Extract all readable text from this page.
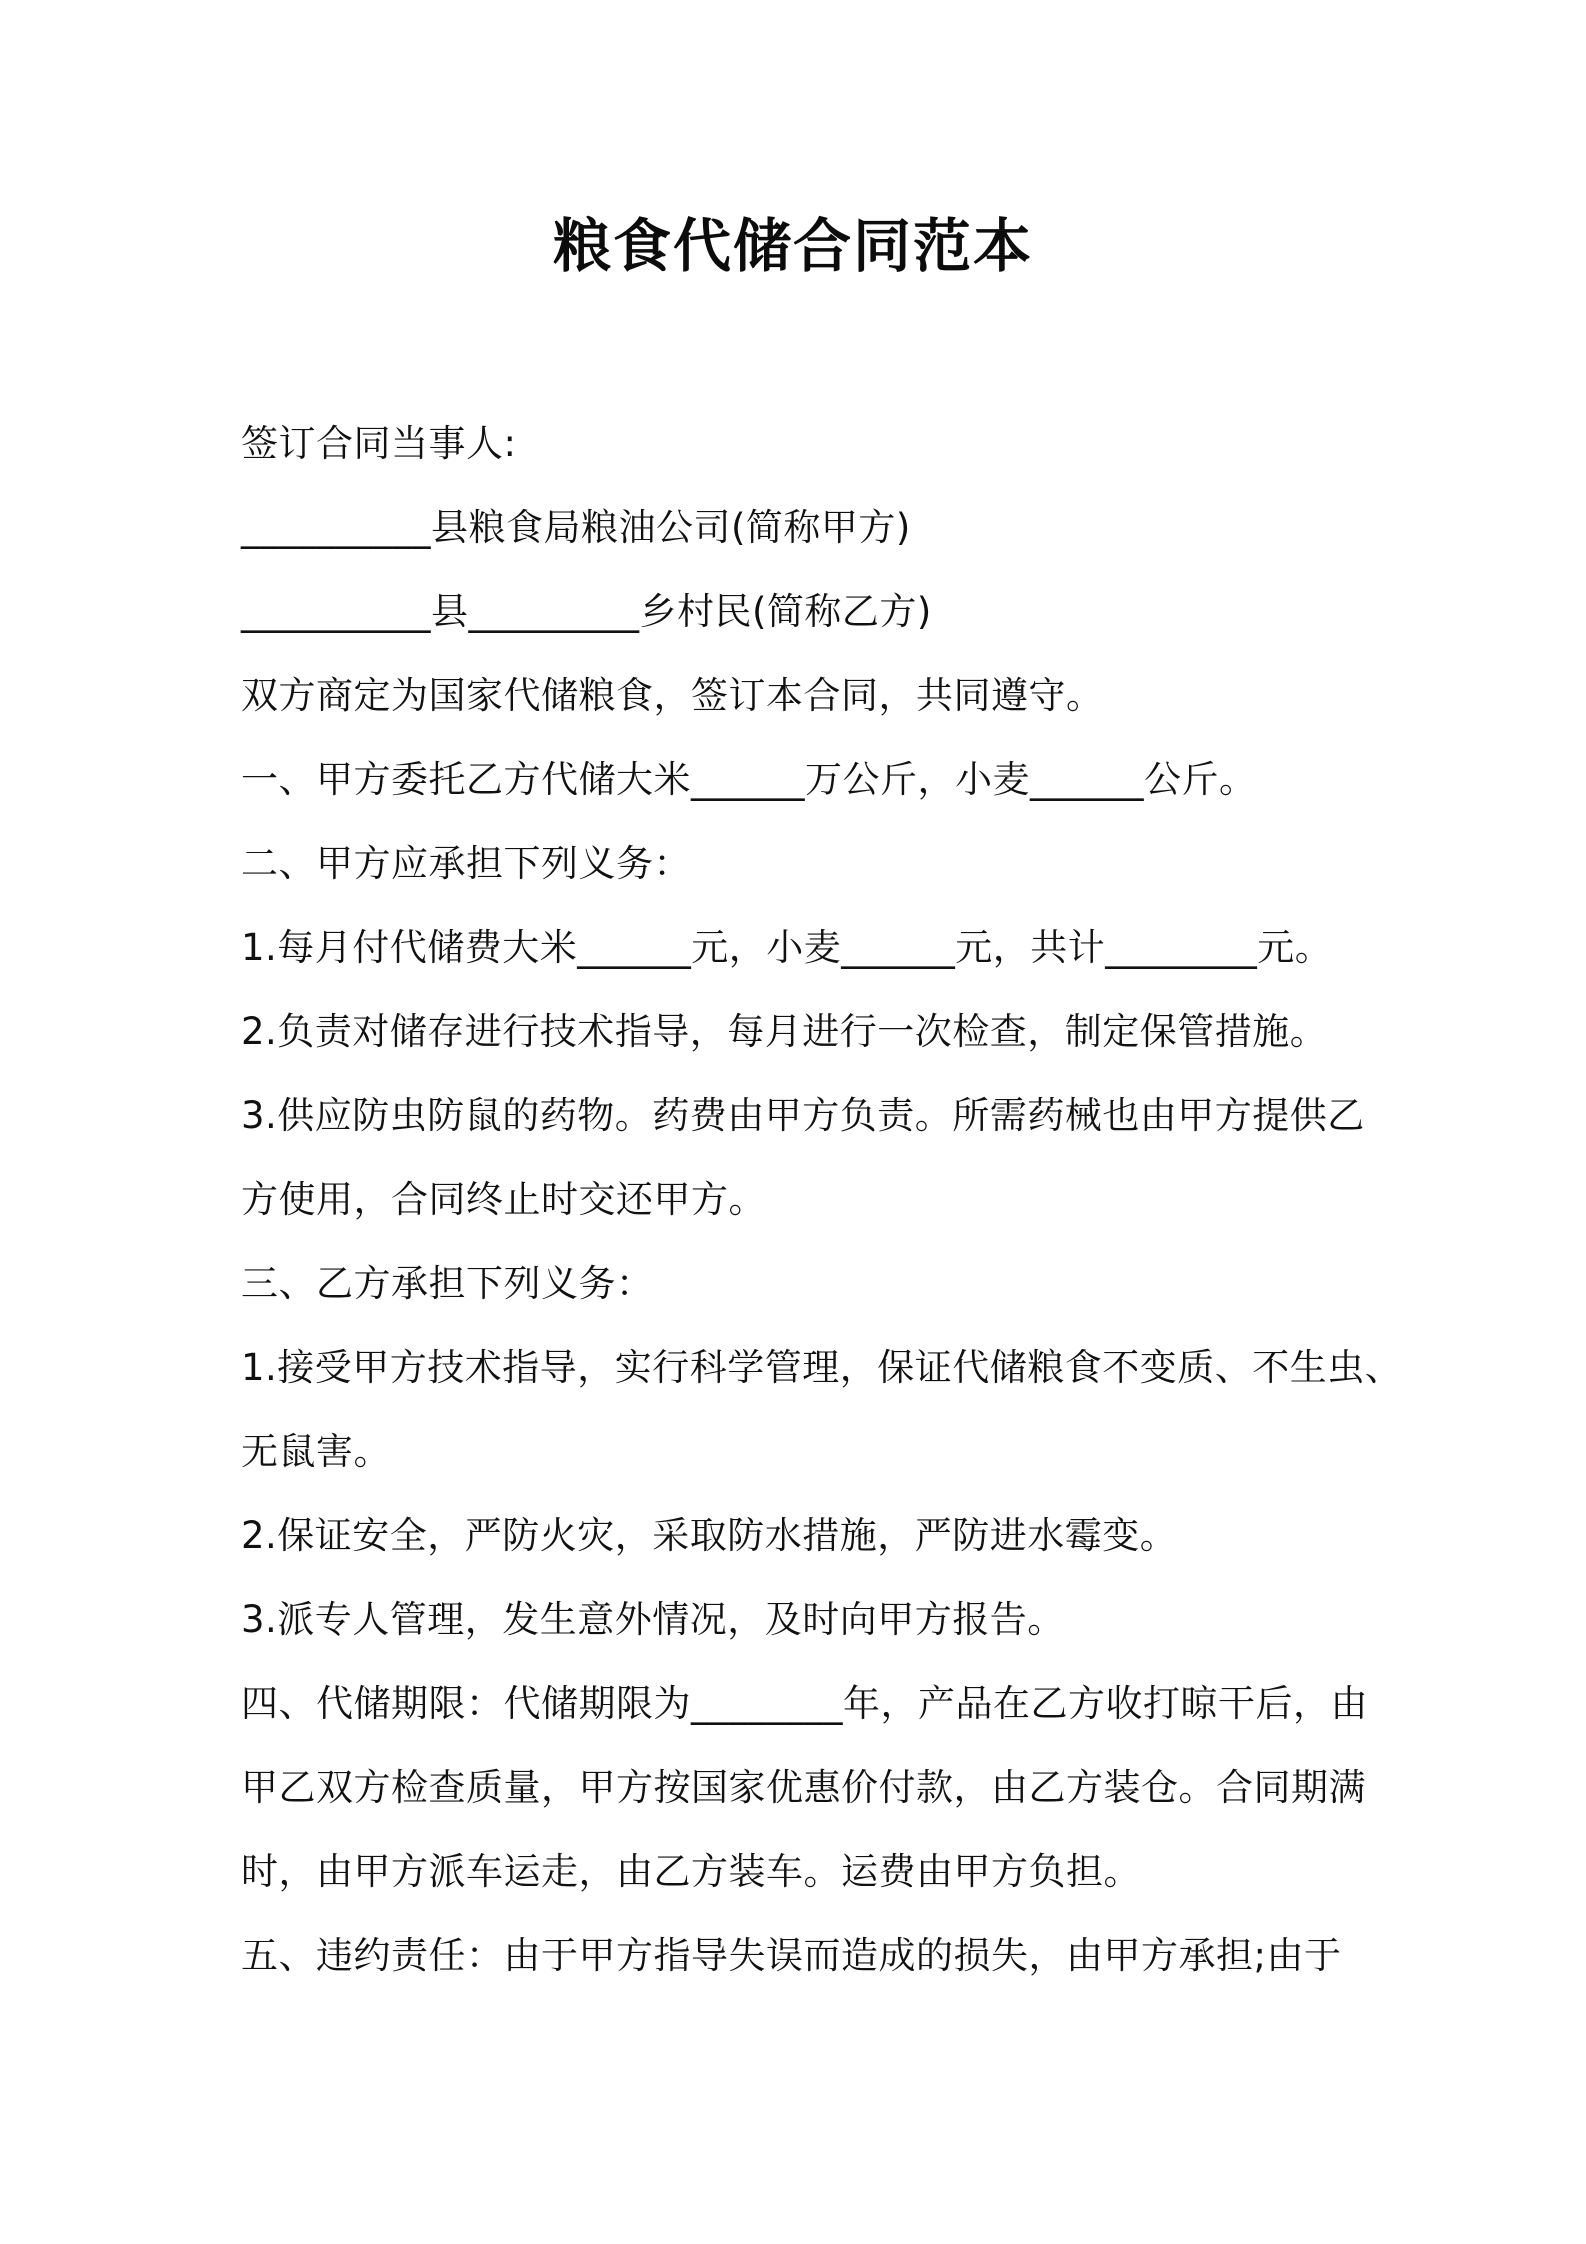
粮食代储合同范本
签订合同当事人:
__________县粮食局粮油公司(简称甲方)
__________县_________乡村民(简称乙方)
双方商定为国家代储粮食，签订本合同，共同遵守。
一、甲方委托乙方代储大米______万公斤，小麦______公斤。
二、甲方应承担下列义务：
1.每月付代储费大米______元，小麦______元，共计________元。
2.负责对储存进行技术指导，每月进行一次检查，制定保管措施。
3.供应防虫防鼠的药物。药费由甲方负责。所需药械也由甲方提供乙
方使用，合同终止时交还甲方。
三、乙方承担下列义务：
1.接受甲方技术指导，实行科学管理，保证代储粮食不变质、不生虫、
无鼠害。
2.保证安全，严防火灾，采取防水措施，严防进水霉变。
3.派专人管理，发生意外情况，及时向甲方报告。
四、代储期限：代储期限为________年，产品在乙方收打晾干后，由
甲乙双方检查质量，甲方按国家优惠价付款，由乙方装仓。合同期满
时，由甲方派车运走，由乙方装车。运费由甲方负担。
五、违约责任：由于甲方指导失误而造成的损失，由甲方承担;由于
